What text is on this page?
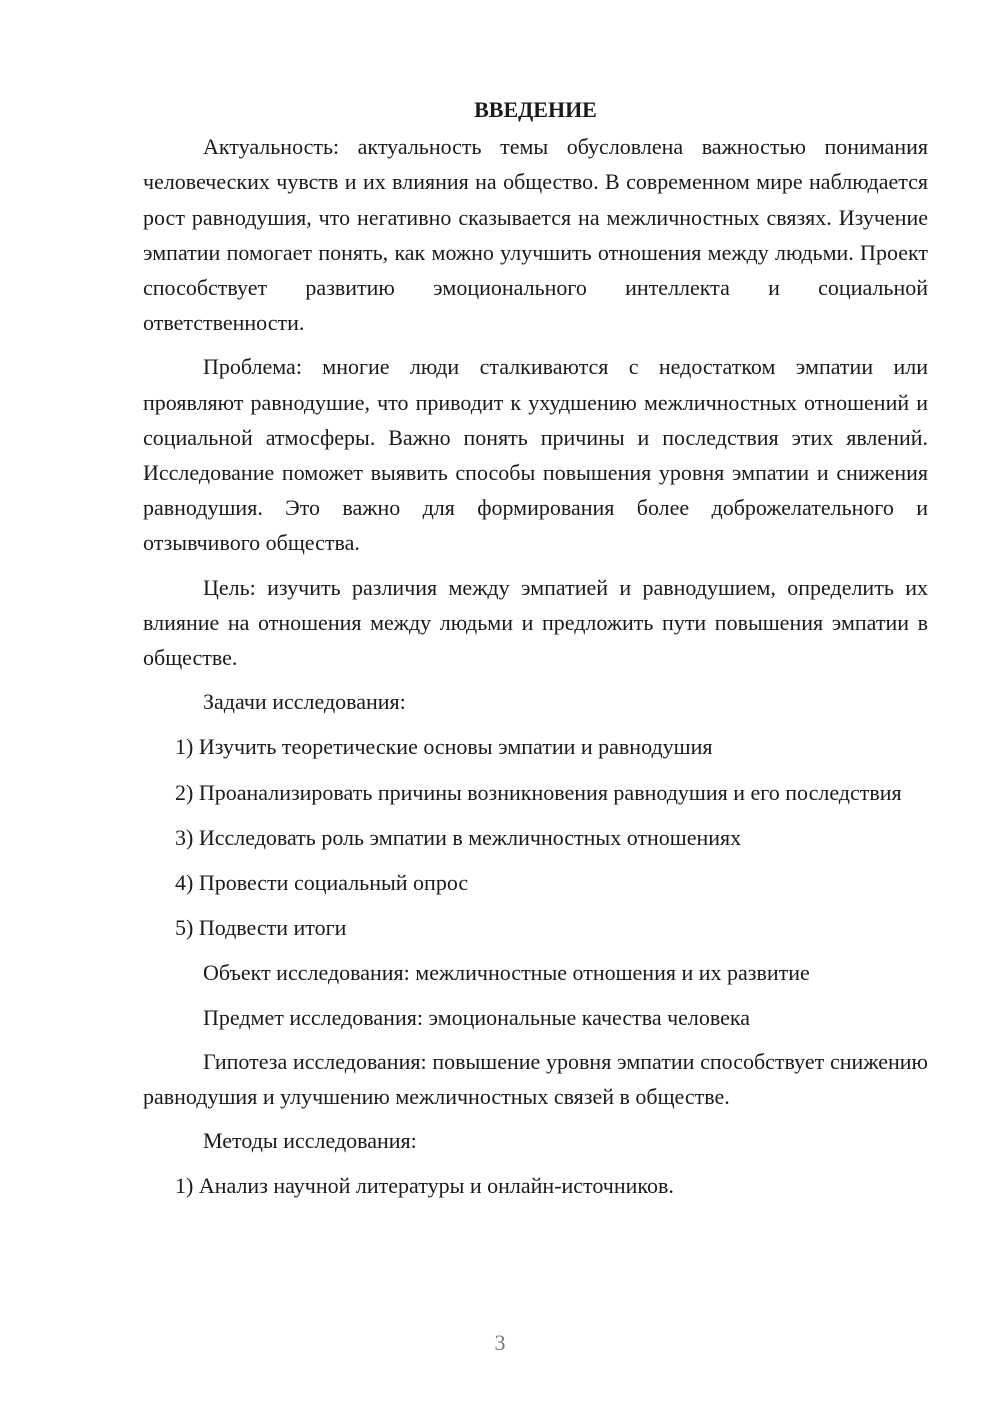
ВВЕДЕНИЕ

Актуальность: актуальность темы обусловлена важностью понимания человеческих чувств и их влияния на общество. В современном мире наблюдается рост равнодушия, что негативно сказывается на межличностных связях. Изучение эмпатии помогает понять, как можно улучшить отношения между людьми. Проект способствует развитию эмоционального интеллекта и социальной ответственности.

Проблема: многие люди сталкиваются с недостатком эмпатии или проявляют равнодушие, что приводит к ухудшению межличностных отношений и социальной атмосферы. Важно понять причины и последствия этих явлений. Исследование поможет выявить способы повышения уровня эмпатии и снижения равнодушия. Это важно для формирования более доброжелательного и отзывчивого общества.

Цель: изучить различия между эмпатией и равнодушием, определить их влияние на отношения между людьми и предложить пути повышения эмпатии в обществе.

Задачи исследования:

1) Изучить теоретические основы эмпатии и равнодушия

2) Проанализировать причины возникновения равнодушия и его последствия

3) Исследовать роль эмпатии в межличностных отношениях

4) Провести социальный опрос

5) Подвести итоги

Объект исследования: межличностные отношения и их развитие

Предмет исследования: эмоциональные качества человека

Гипотеза исследования: повышение уровня эмпатии способствует снижению равнодушия и улучшению межличностных связей в обществе.

Методы исследования:

1) Анализ научной литературы и онлайн-источников.

3
